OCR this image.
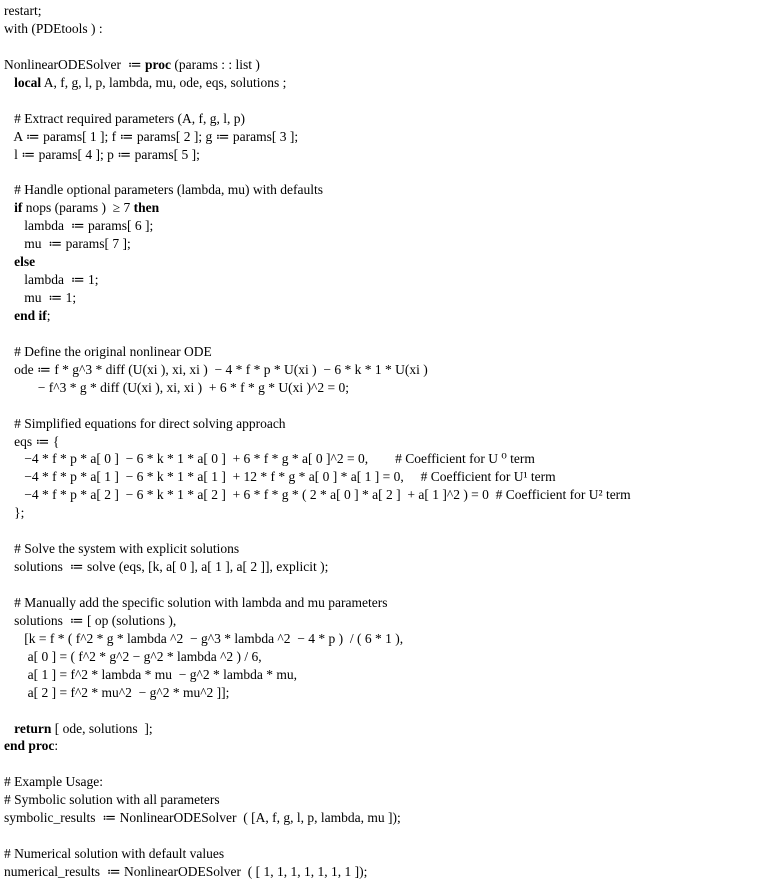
restart;
with (PDEtools ) :
NonlinearODESolver  ≔ proc (params : : list )
local A, f, g, l, p, lambda, mu, ode, eqs, solutions ;
# Extract required parameters (A, f, g, l, p)
A ≔ params[ 1 ]; f ≔ params[ 2 ]; g ≔ params[ 3 ];
l ≔ params[ 4 ]; p ≔ params[ 5 ];
# Handle optional parameters (lambda, mu) with defaults
if nops (params )  ≥ 7 then
lambda  ≔ params[ 6 ];
mu  ≔ params[ 7 ];
else
lambda  ≔ 1;
mu  ≔ 1;
end if;
# Define the original nonlinear ODE
ode ≔ f * g^3 * diff (U(xi ), xi, xi )  − 4 * f * p * U(xi )  − 6 * k * 1 * U(xi )
− f^3 * g * diff (U(xi ), xi, xi )  + 6 * f * g * U(xi )^2 = 0;
# Simplified equations for direct solving approach
eqs ≔ {
−4 * f * p * a[ 0 ]  − 6 * k * 1 * a[ 0 ]  + 6 * f * g * a[ 0 ]^2 = 0,        # Coefficient for U ⁰ term
−4 * f * p * a[ 1 ]  − 6 * k * 1 * a[ 1 ]  + 12 * f * g * a[ 0 ] * a[ 1 ] = 0,     # Coefficient for U¹ term
−4 * f * p * a[ 2 ]  − 6 * k * 1 * a[ 2 ]  + 6 * f * g * ( 2 * a[ 0 ] * a[ 2 ]  + a[ 1 ]^2 ) = 0  # Coefficient for U² term
};
# Solve the system with explicit solutions
solutions  ≔ solve (eqs, [k, a[ 0 ], a[ 1 ], a[ 2 ]], explicit );
# Manually add the specific solution with lambda and mu parameters
solutions  ≔ [ op (solutions ),
[k = f * ( f^2 * g * lambda ^2  − g^3 * lambda ^2  − 4 * p )  / ( 6 * 1 ),
a[ 0 ] = ( f^2 * g^2 − g^2 * lambda ^2 ) / 6,
a[ 1 ] = f^2 * lambda * mu  − g^2 * lambda * mu,
a[ 2 ] = f^2 * mu^2  − g^2 * mu^2 ]];
return [ ode, solutions  ];
end proc:
# Example Usage:
# Symbolic solution with all parameters
symbolic_results  ≔ NonlinearODESolver  ( [A, f, g, l, p, lambda, mu ]);
# Numerical solution with default values
numerical_results  ≔ NonlinearODESolver  ( [ 1, 1, 1, 1, 1, 1, 1 ]);
